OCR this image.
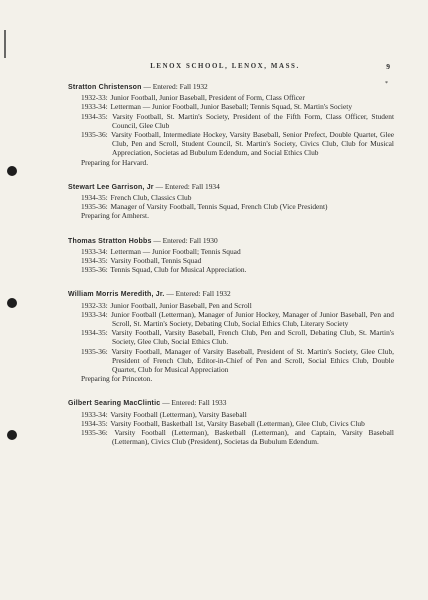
LENOX SCHOOL, LENOX, MASS.	9
*
Stratton Christenson — Entered: Fall 1932
1932-33: Junior Football, Junior Baseball, President of Form, Class Officer
1933-34: Letterman — Junior Football, Junior Baseball; Tennis Squad, St. Martin's Society
1934-35: Varsity Football, St. Martin's Society, President of the Fifth Form, Class Officer, Student Council, Glee Club
1935-36: Varsity Football, Intermediate Hockey, Varsity Baseball, Senior Prefect, Double Quartet, Glee Club, Pen and Scroll, Student Council, St. Martin's Society, Civics Club, Club for Musical Appreciation, Societas ad Bubulum Edendum, and Social Ethics Club
Preparing for Harvard.
Stewart Lee Garrison, Jr — Entered: Fall 1934
1934-35: French Club, Classics Club
1935-36: Manager of Varsity Football, Tennis Squad, French Club (Vice President)
Preparing for Amherst.
Thomas Stratton Hobbs — Entered: Fall 1930
1933-34: Letterman — Junior Football; Tennis Squad
1934-35: Varsity Football, Tennis Squad
1935-36: Tennis Squad, Club for Musical Appreciation.
William Morris Meredith, Jr. — Entered: Fall 1932
1932-33: Junior Football, Junior Baseball, Pen and Scroll
1933-34: Junior Football (Letterman), Manager of Junior Hockey, Manager of Junior Baseball, Pen and Scroll, St. Martin's Society, Debating Club, Social Ethics Club, Literary Society
1934-35: Varsity Football, Varsity Baseball, French Club, Pen and Scroll, Debating Club, St. Martin's Society, Glee Club, Social Ethics Club.
1935-36: Varsity Football, Manager of Varsity Baseball, President of St. Martin's Society, Glee Club, President of French Club, Editor-in-Chief of Pen and Scroll, Social Ethics Club, Double Quartet, Club for Musical Appreciation
Preparing for Princeton.
Gilbert Searing MacClintic — Entered: Fall 1933
1933-34: Varsity Football (Letterman), Varsity Baseball
1934-35: Varsity Football, Basketball 1st, Varsity Baseball (Letterman), Glee Club, Civics Club
1935-36: Varsity Football (Letterman), Basketball (Letterman), and Captain, Varsity Baseball (Letterman), Civics Club (President), Societas da Bubulum Edendum.
